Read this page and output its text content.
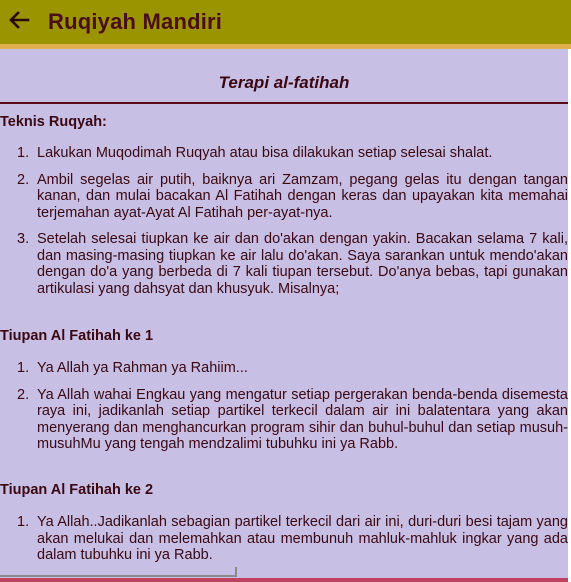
Ruqiyah Mandiri
Terapi al-fatihah
Teknis Ruqyah:
1. Lakukan Muqodimah Ruqyah atau bisa dilakukan setiap selesai shalat.
2. Ambil segelas air putih, baiknya ari Zamzam, pegang gelas itu dengan tangan kanan, dan mulai bacakan Al Fatihah dengan keras dan upayakan kita memahai terjemahan ayat-Ayat Al Fatihah per-ayat-nya.
3. Setelah selesai tiupkan ke air dan do'akan dengan yakin. Bacakan selama 7 kali, dan masing-masing tiupkan ke air lalu do'akan. Saya sarankan untuk mendo'akan dengan do'a yang berbeda di 7 kali tiupan tersebut. Do'anya bebas, tapi gunakan artikulasi yang dahsyat dan khusyuk. Misalnya;
Tiupan Al Fatihah ke 1
1. Ya Allah ya Rahman ya Rahiim...
2. Ya Allah wahai Engkau yang mengatur setiap pergerakan benda-benda disemesta raya ini, jadikanlah setiap partikel terkecil dalam air ini balatentara yang akan menyerang dan menghancurkan program sihir dan buhul-buhul dan setiap musuh-musuhMu yang tengah mendzalimi tubuhku ini ya Rabb.
Tiupan Al Fatihah ke 2
1. Ya Allah..Jadikanlah sebagian partikel terkecil dari air ini, duri-duri besi tajam yang akan melukai dan melemahkan atau membunuh mahluk-mahluk ingkar yang ada dalam tubuhku ini ya Rabb.
